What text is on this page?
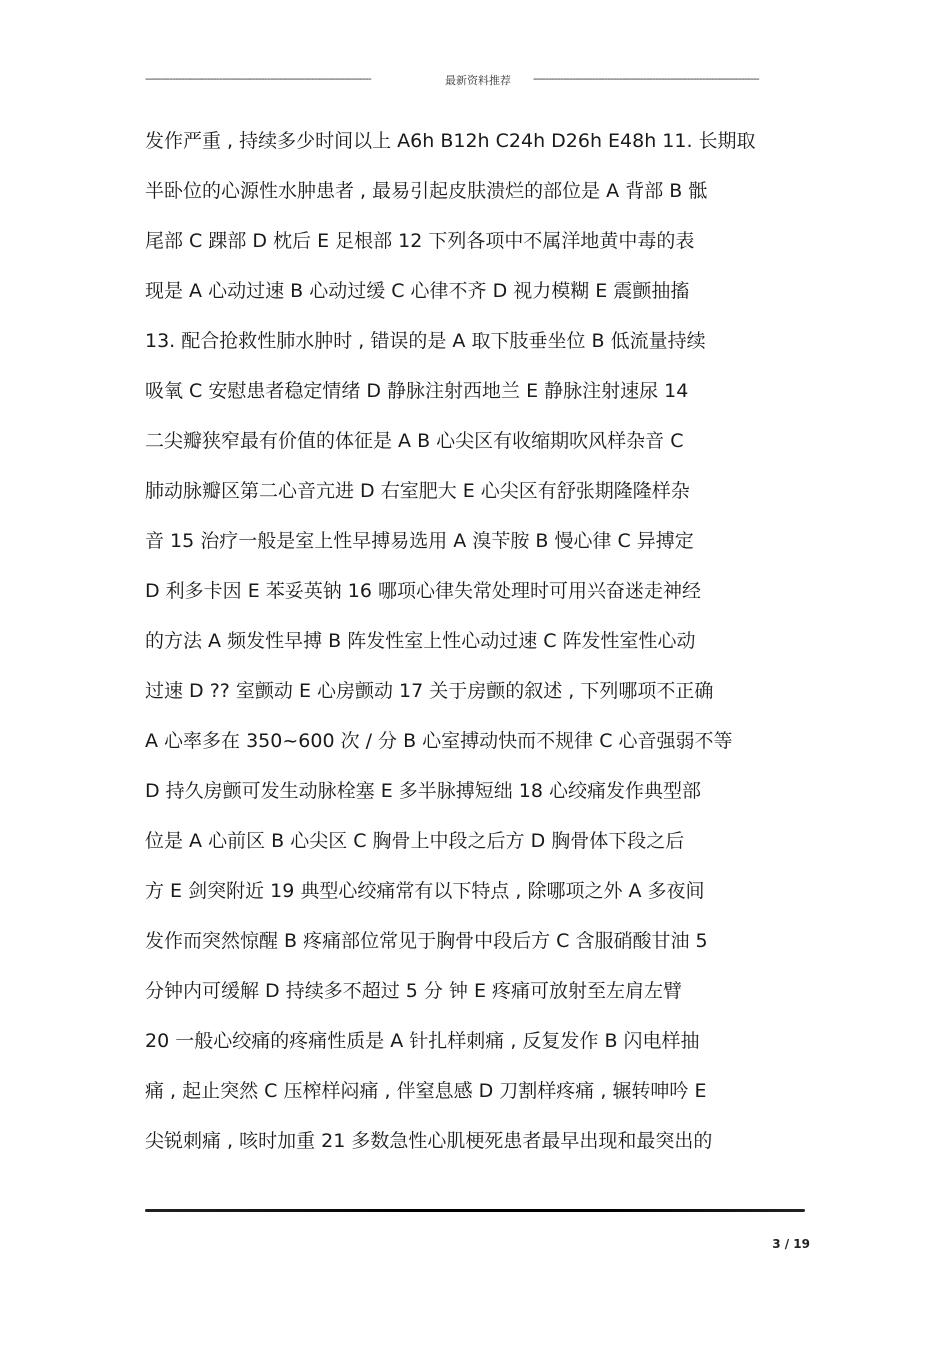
----------------------------------------------------------------------------	最新资料推荐 ----------------------------------------------------------------------------
发作严重 , 持续多少时间以上 A6h B12h C24h D26h E48h 11. 长期取
半卧位的心源性水肿患者 , 最易引起皮肤溃烂的部位是 A 背部 B 骶
尾部 C 踝部 D 枕后 E 足根部 12 下列各项中不属洋地黄中毒的表
现是 A 心动过速 B 心动过缓 C 心律不齐 D 视力模糊 E 震颤抽搐
13. 配合抢救性肺水肿时 , 错误的是 A 取下肢垂坐位 B 低流量持续
吸氧 C 安慰患者稳定情绪 D 静脉注射西地兰 E 静脉注射速尿 14
二尖瓣狭窄最有价值的体征是 A B 心尖区有收缩期吹风样杂音 C
肺动脉瓣区第二心音亢进 D 右室肥大 E 心尖区有舒张期隆隆样杂
音 15 治疗一般是室上性早搏易选用 A 溴苄胺 B 慢心律 C 异搏定
D 利多卡因 E 苯妥英钠 16 哪项心律失常处理时可用兴奋迷走神经
的方法 A 频发性早搏 B 阵发性室上性心动过速 C 阵发性室性心动
过速 D ?? 室颤动 E 心房颤动 17 关于房颤的叙述 , 下列哪项不正确
A 心率多在 350~600 次 / 分 B 心室搏动快而不规律 C 心音强弱不等
D 持久房颤可发生动脉栓塞 E 多半脉搏短绌 18 心绞痛发作典型部
位是 A 心前区 B 心尖区 C 胸骨上中段之后方 D 胸骨体下段之后
方 E 剑突附近 19 典型心绞痛常有以下特点 , 除哪项之外 A 多夜间
发作而突然惊醒 B 疼痛部位常见于胸骨中段后方 C 含服硝酸甘油 5
分钟内可缓解 D 持续多不超过 5 分 钟 E 疼痛可放射至左肩左臂
20 一般心绞痛的疼痛性质是 A 针扎样刺痛 , 反复发作 B 闪电样抽
痛 , 起止突然 C 压榨样闷痛 , 伴窒息感 D 刀割样疼痛 , 辗转呻吟 E
尖锐刺痛 , 咳时加重 21 多数急性心肌梗死患者最早出现和最突出的
3 / 19
